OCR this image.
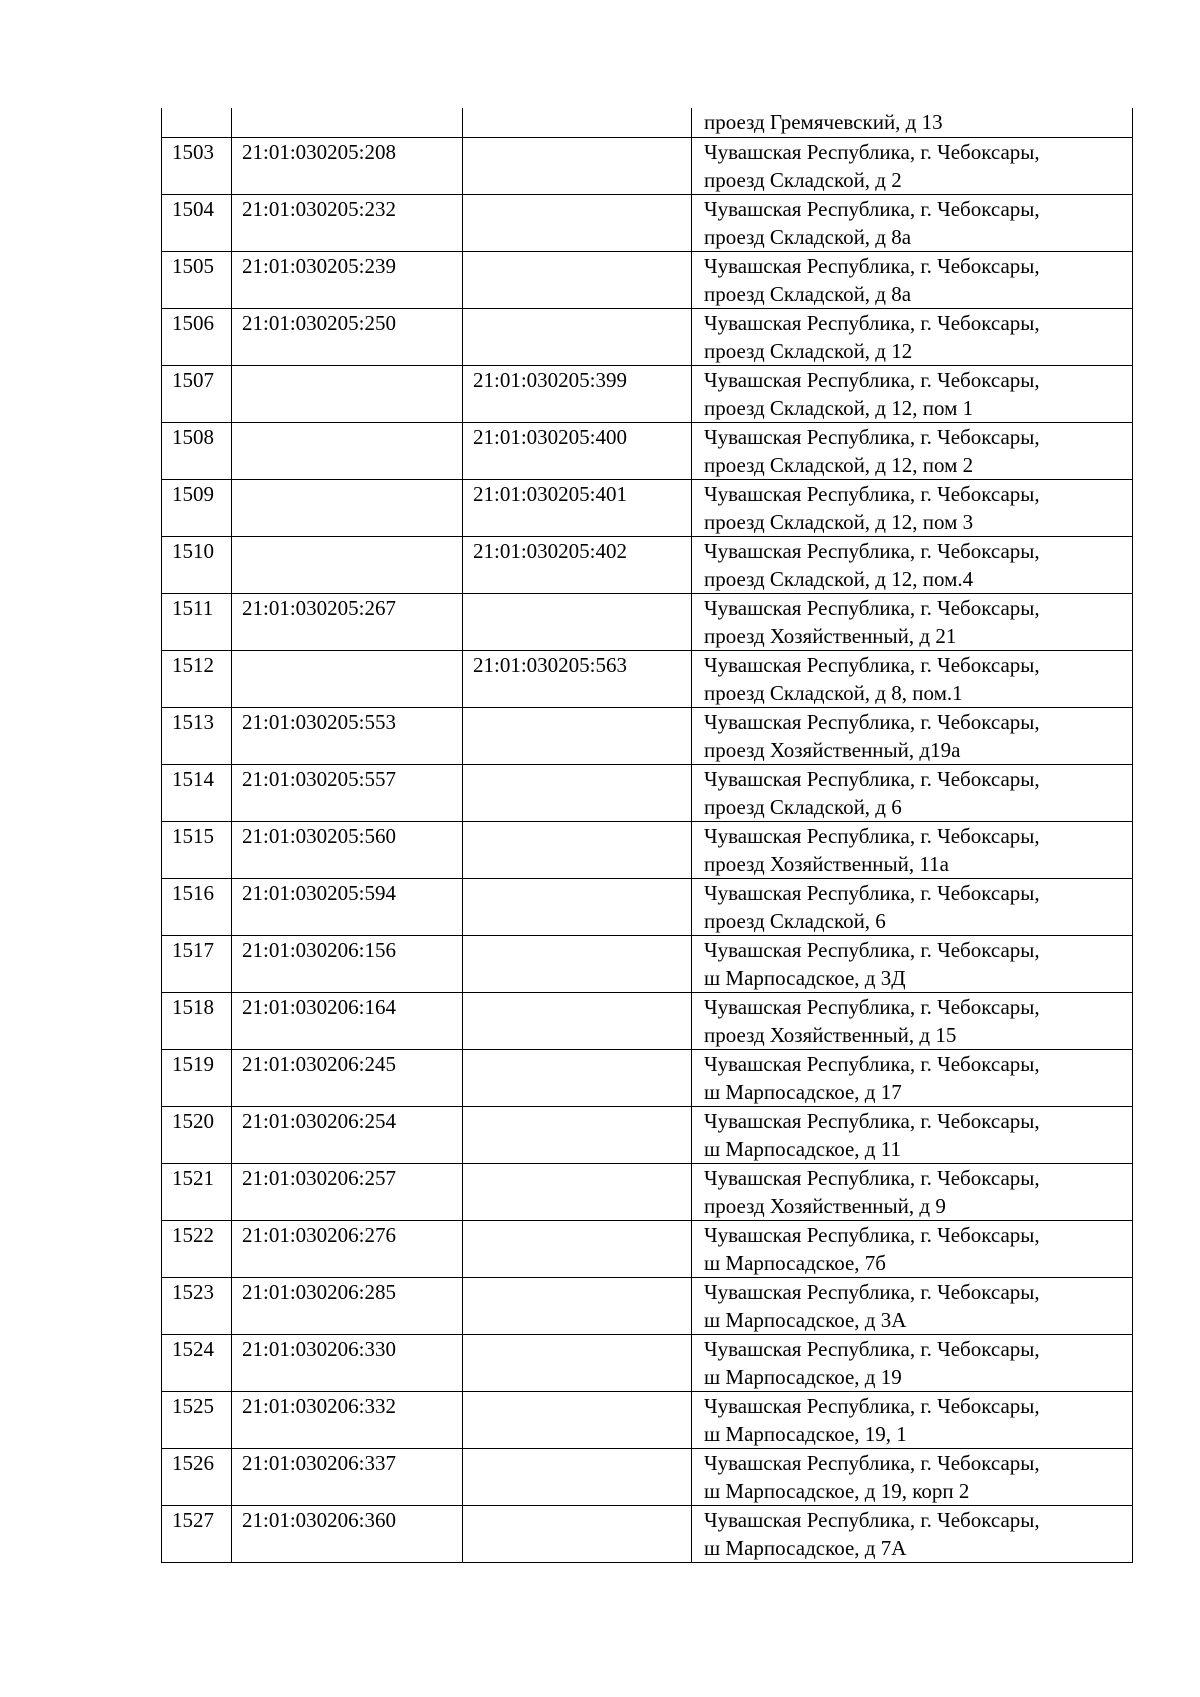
			проезд Гремячевский, д 13
1503	21:01:030205:208		Чувашская Республика, г. Чебоксары,
проезд Складской, д 2

1504	21:01:030205:232		Чувашская Республика, г. Чебоксары,
проезд Складской, д 8а

1505	21:01:030205:239		Чувашская Республика, г. Чебоксары,
проезд Складской, д 8а

1506	21:01:030205:250		Чувашская Республика, г. Чебоксары,
проезд Складской, д 12

1507		21:01:030205:399	Чувашская Республика, г. Чебоксары,
проезд Складской, д 12, пом 1

1508		21:01:030205:400	Чувашская Республика, г. Чебоксары,
проезд Складской, д 12, пом 2

1509		21:01:030205:401	Чувашская Республика, г. Чебоксары,
проезд Складской, д 12, пом 3

1510		21:01:030205:402	Чувашская Республика, г. Чебоксары,
проезд Складской, д 12, пом.4

1511	21:01:030205:267		Чувашская Республика, г. Чебоксары,
проезд Хозяйственный, д 21

1512		21:01:030205:563	Чувашская Республика, г. Чебоксары,
проезд Складской, д 8, пом.1

1513	21:01:030205:553		Чувашская Республика, г. Чебоксары,
проезд Хозяйственный, д19а

1514	21:01:030205:557		Чувашская Республика, г. Чебоксары,
проезд Складской, д 6

1515	21:01:030205:560		Чувашская Республика, г. Чебоксары,
проезд Хозяйственный, 11а

1516	21:01:030205:594		Чувашская Республика, г. Чебоксары,
проезд Складской, 6

1517	21:01:030206:156		Чувашская Республика, г. Чебоксары,
ш Марпосадское, д 3Д

1518	21:01:030206:164		Чувашская Республика, г. Чебоксары,
проезд Хозяйственный, д 15

1519	21:01:030206:245		Чувашская Республика, г. Чебоксары,
ш Марпосадское, д 17

1520	21:01:030206:254		Чувашская Республика, г. Чебоксары,
ш Марпосадское, д 11

1521	21:01:030206:257		Чувашская Республика, г. Чебоксары,
проезд Хозяйственный, д 9

1522	21:01:030206:276		Чувашская Республика, г. Чебоксары,
ш Марпосадское, 7б

1523	21:01:030206:285		Чувашская Республика, г. Чебоксары,
ш Марпосадское, д 3А

1524	21:01:030206:330		Чувашская Республика, г. Чебоксары,
ш Марпосадское, д 19

1525	21:01:030206:332		Чувашская Республика, г. Чебоксары,
ш Марпосадское, 19, 1

1526	21:01:030206:337		Чувашская Республика, г. Чебоксары,
ш Марпосадское, д 19, корп 2

1527	21:01:030206:360		Чувашская Республика, г. Чебоксары,
ш Марпосадское, д 7А
